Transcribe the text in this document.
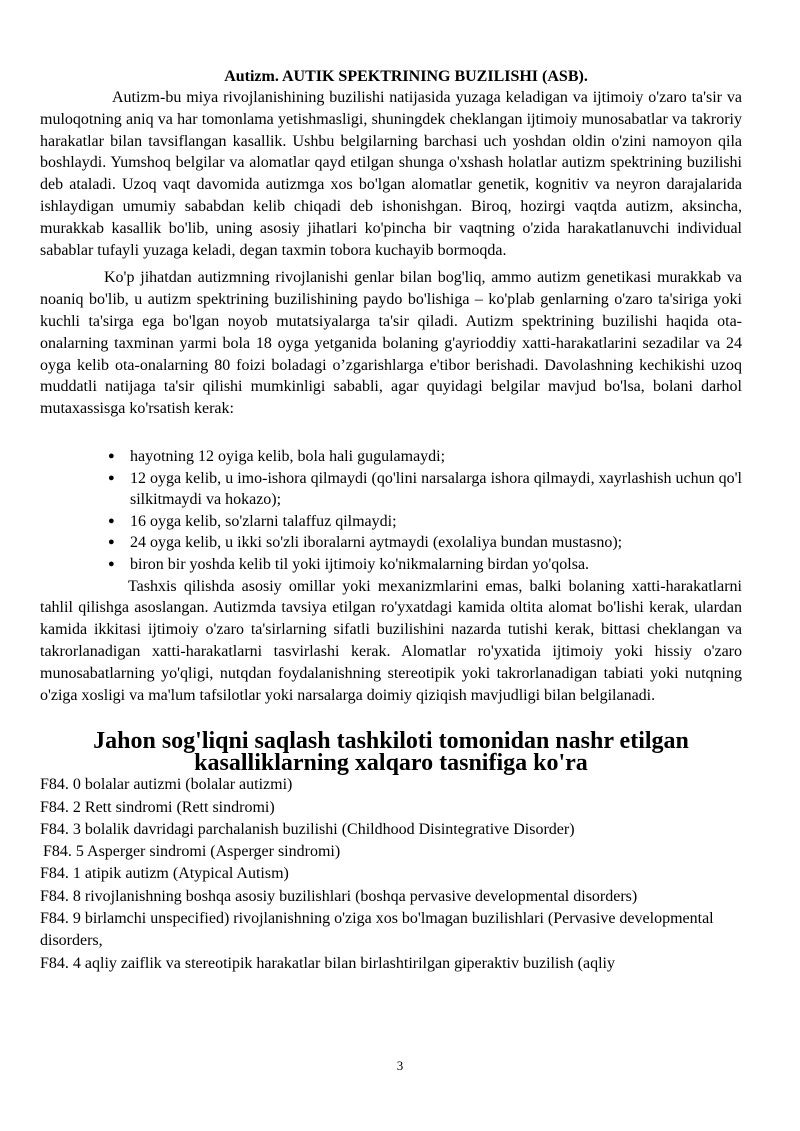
Autizm. AUTIK SPEKTRINING BUZILISHI (ASB).

Autizm-bu miya rivojlanishining buzilishi natijasida yuzaga keladigan va ijtimoiy o'zaro ta'sir va muloqotning aniq va har tomonlama yetishmasligi, shuningdek cheklangan ijtimoiy munosabatlar va takroriy harakatlar bilan tavsiflangan kasallik. Ushbu belgilarning barchasi uch yoshdan oldin o'zini namoyon qila boshlaydi. Yumshoq belgilar va alomatlar qayd etilgan shunga o'xshash holatlar autizm spektrining buzilishi deb ataladi. Uzoq vaqt davomida autizmga xos bo'lgan alomatlar genetik, kognitiv va neyron darajalarida ishlaydigan umumiy sababdan kelib chiqadi deb ishonishgan. Biroq, hozirgi vaqtda autizm, aksincha, murakkab kasallik bo'lib, uning asosiy jihatlari ko'pincha bir vaqtning o'zida harakatlanuvchi individual sabablar tufayli yuzaga keladi, degan taxmin tobora kuchayib bormoqda.

Ko'p jihatdan autizmning rivojlanishi genlar bilan bog'liq, ammo autizm genetikasi murakkab va noaniq bo'lib, u autizm spektrining buzilishining paydo bo'lishiga – ko'plab genlarning o'zaro ta'siriga yoki kuchli ta'sirga ega bo'lgan noyob mutatsiyalarga ta'sir qiladi. Autizm spektrining buzilishi haqida ota-onalarning taxminan yarmi bola 18 oyga yetganida bolaning g'ayrioddiy xatti-harakatlarini sezadilar va 24 oyga kelib ota-onalarning 80 foizi boladagi o’zgarishlarga e'tibor berishadi. Davolashning kechikishi uzoq muddatli natijaga ta'sir qilishi mumkinligi sababli, agar quyidagi belgilar mavjud bo'lsa, bolani darhol mutaxassisga ko'rsatish kerak:

● hayotning 12 oyiga kelib, bola hali gugulamaydi;
● 12 oyga kelib, u imo-ishora qilmaydi (qo'lini narsalarga ishora qilmaydi, xayrlashish uchun qo'l silkitmaydi va hokazo);
● 16 oyga kelib, so'zlarni talaffuz qilmaydi;
● 24 oyga kelib, u ikki so'zli iboralarni aytmaydi (exolaliya bundan mustasno);
● biron bir yoshda kelib til yoki ijtimoiy ko'nikmalarning birdan yo'qolsa.

Tashxis qilishda asosiy omillar yoki mexanizmlarini emas, balki bolaning xatti-harakatlarni tahlil qilishga asoslangan. Autizmda tavsiya etilgan ro'yxatdagi kamida oltita alomat bo'lishi kerak, ulardan kamida ikkitasi ijtimoiy o'zaro ta'sirlarning sifatli buzilishini nazarda tutishi kerak, bittasi cheklangan va takrorlanadigan xatti-harakatlarni tasvirlashi kerak. Alomatlar ro'yxatida ijtimoiy yoki hissiy o'zaro munosabatlarning yo'qligi, nutqdan foydalanishning stereotipik yoki takrorlanadigan tabiati yoki nutqning o'ziga xosligi va ma'lum tafsilotlar yoki narsalarga doimiy qiziqish mavjudligi bilan belgilanadi.

Jahon sog'liqni saqlash tashkiloti tomonidan nashr etilgan kasalliklarning xalqaro tasnifiga ko'ra
F84. 0 bolalar autizmi (bolalar autizmi)
F84. 2 Rett sindromi (Rett sindromi)
F84. 3 bolalik davridagi parchalanish buzilishi (Childhood Disintegrative Disorder)
F84. 5 Asperger sindromi (Asperger sindromi)
F84. 1 atipik autizm (Atypical Autism)
F84. 8 rivojlanishning boshqa asosiy buzilishlari (boshqa pervasive developmental disorders)
F84. 9 birlamchi unspecified) rivojlanishning o'ziga xos bo'lmagan buzilishlari (Pervasive developmental disorders,
F84. 4 aqliy zaiflik va stereotipik harakatlar bilan birlashtirilgan giperaktiv buzilish (aqliy
3
